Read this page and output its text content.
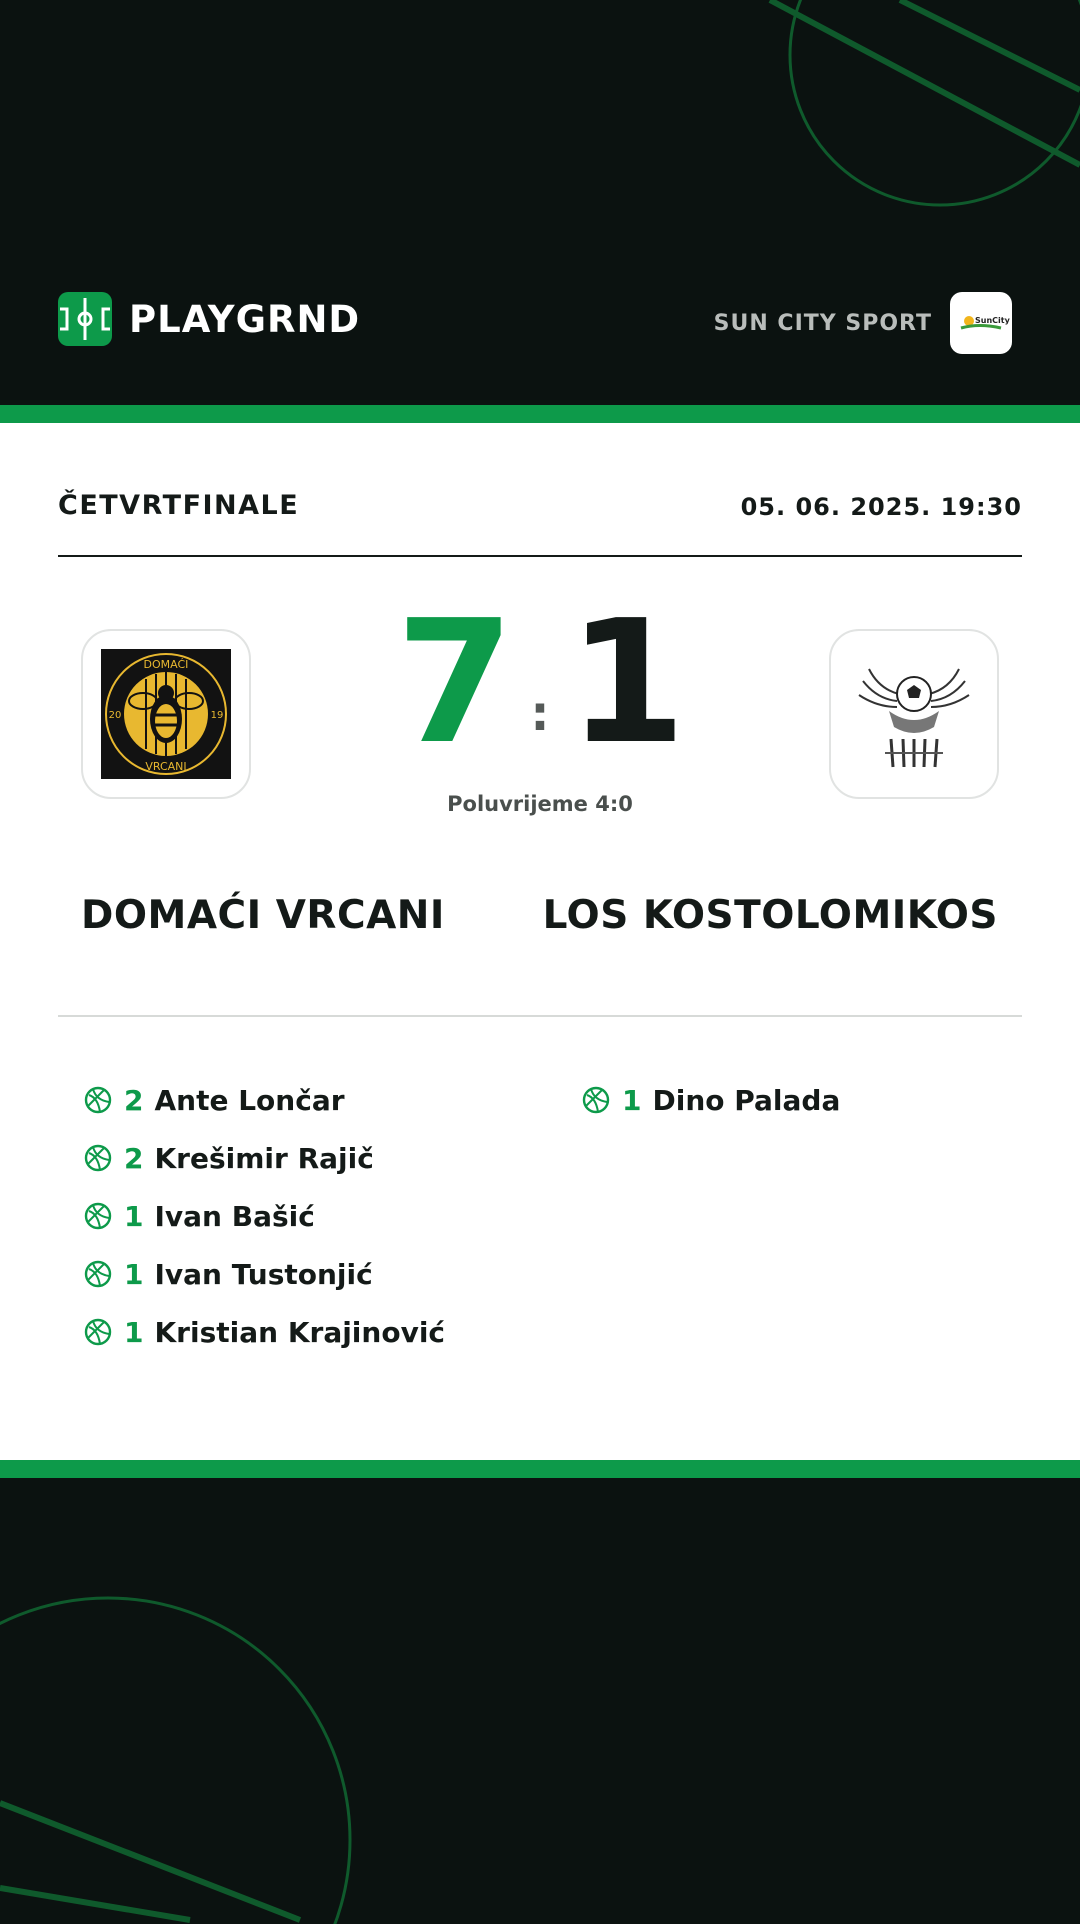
PLAYGRND	SUN CITY SPORT	SunCity
ČETVRTFINALE	05. 06. 2025. 19:30
DOMAĆI
VRCANI
20	19 7 : 1
Poluvrijeme 4:0
DOMAĆI VRCANI	LOS KOSTOLOMIKOS
2 Ante Lončar
2 Krešimir Rajič
1 Ivan Bašić
1 Ivan Tustonjić
1 Kristian Krajinović
1 Dino Palada
